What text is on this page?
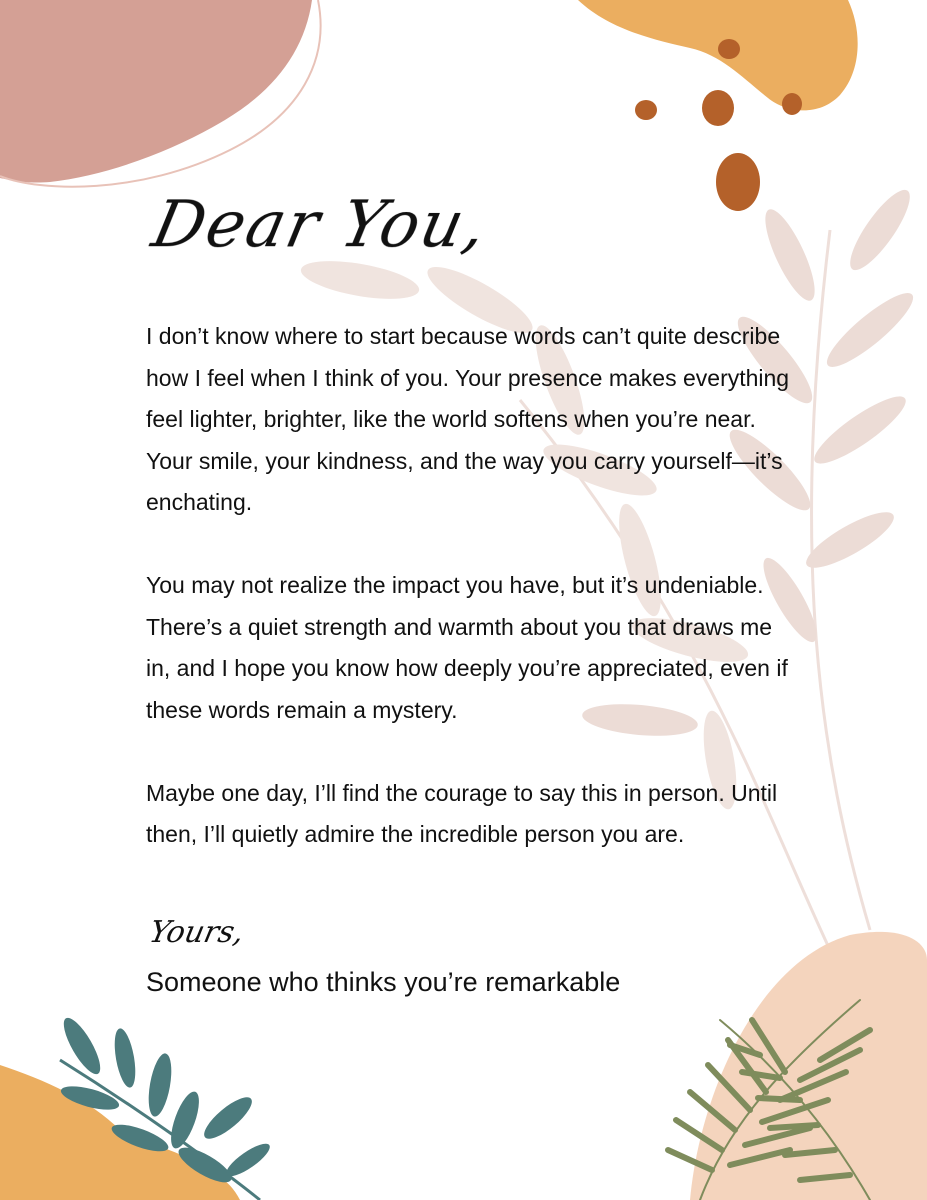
Dear You,

I don’t know where to start because words can’t quite describe how I feel when I think of you. Your presence makes everything feel lighter, brighter, like the world softens when you’re near. Your smile, your kindness, and the way you carry yourself—it’s enchating.

You may not realize the impact you have, but it’s undeniable. There’s a quiet strength and warmth about you that draws me in, and I hope you know how deeply you’re appreciated, even if these words remain a mystery.

Maybe one day, I’ll find the courage to say this in person. Until then, I’ll quietly admire the incredible person you are.

Yours,
Someone who thinks you’re remarkable
